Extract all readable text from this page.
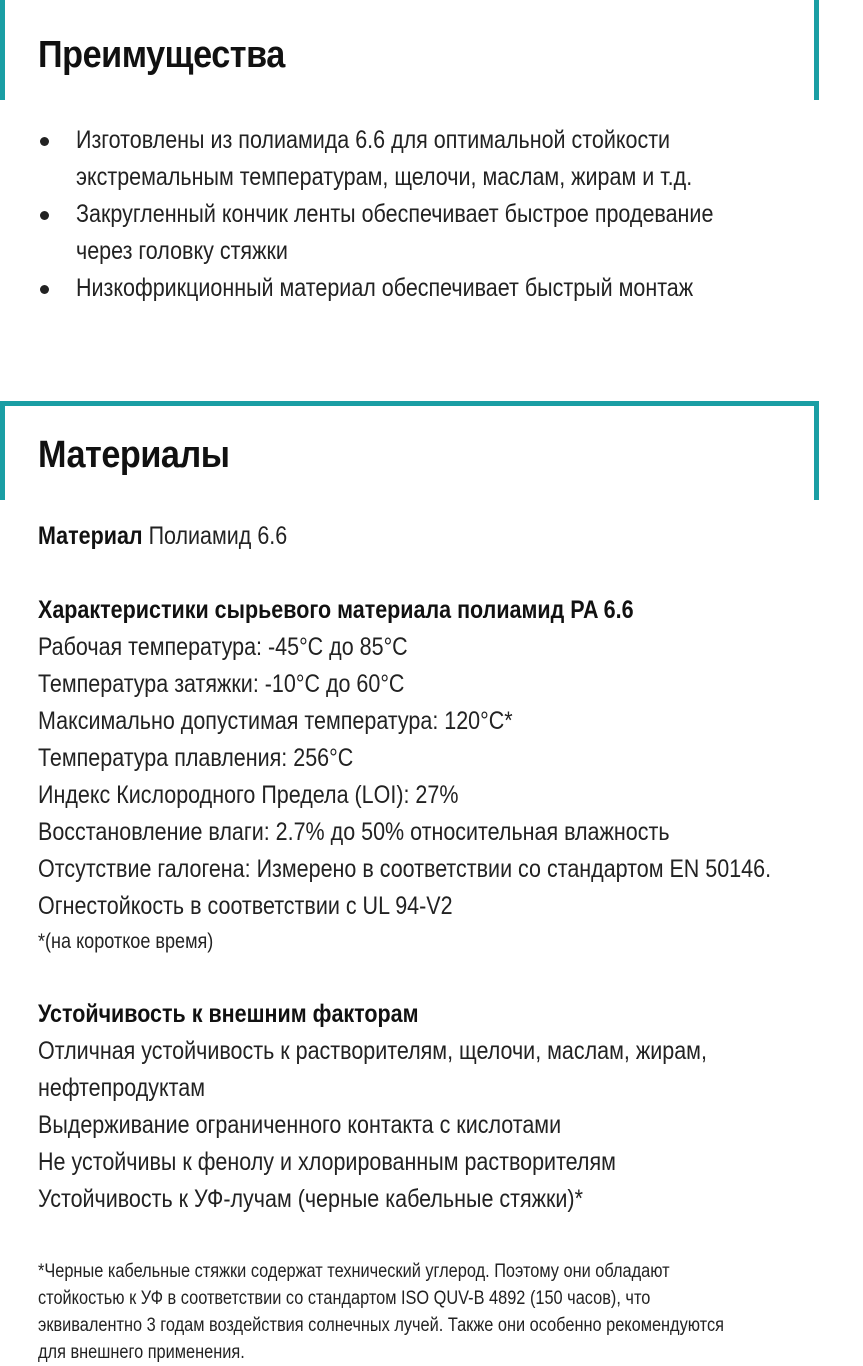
Преимущества
Изготовлены из полиамида 6.6 для оптимальной стойкости
экстремальным температурам, щелочи, маслам, жирам и т.д.
Закругленный кончик ленты обеспечивает быстрое продевание
через головку стяжки
Низкофрикционный материал обеспечивает быстрый монтаж
Материалы
Материал Полиамид 6.6
Характеристики сырьевого материала полиамид PA 6.6
Рабочая температура: -45°C до 85°C
Температура затяжки: -10°C до 60°C
Максимально допустимая температура: 120°C*
Температура плавления: 256°C
Индекс Кислородного Предела (LOI): 27%
Восстановление влаги: 2.7% до 50% относительная влажность
Отсутствие галогена: Измерено в соответствии со стандартом EN 50146.
Огнестойкость в соответствии с UL 94-V2
*(на короткое время)
Устойчивость к внешним факторам
Отличная устойчивость к растворителям, щелочи, маслам, жирам,
нефтепродуктам
Выдерживание ограниченного контакта с кислотами
Не устойчивы к фенолу и хлорированным растворителям
Устойчивость к УФ-лучам (черные кабельные стяжки)*
*Черные кабельные стяжки содержат технический углерод. Поэтому они обладают
стойкостью к УФ в соответствии со стандартом ISO QUV-B 4892 (150 часов), что
эквивалентно 3 годам воздействия солнечных лучей. Также они особенно рекомендуются
для внешнего применения.
